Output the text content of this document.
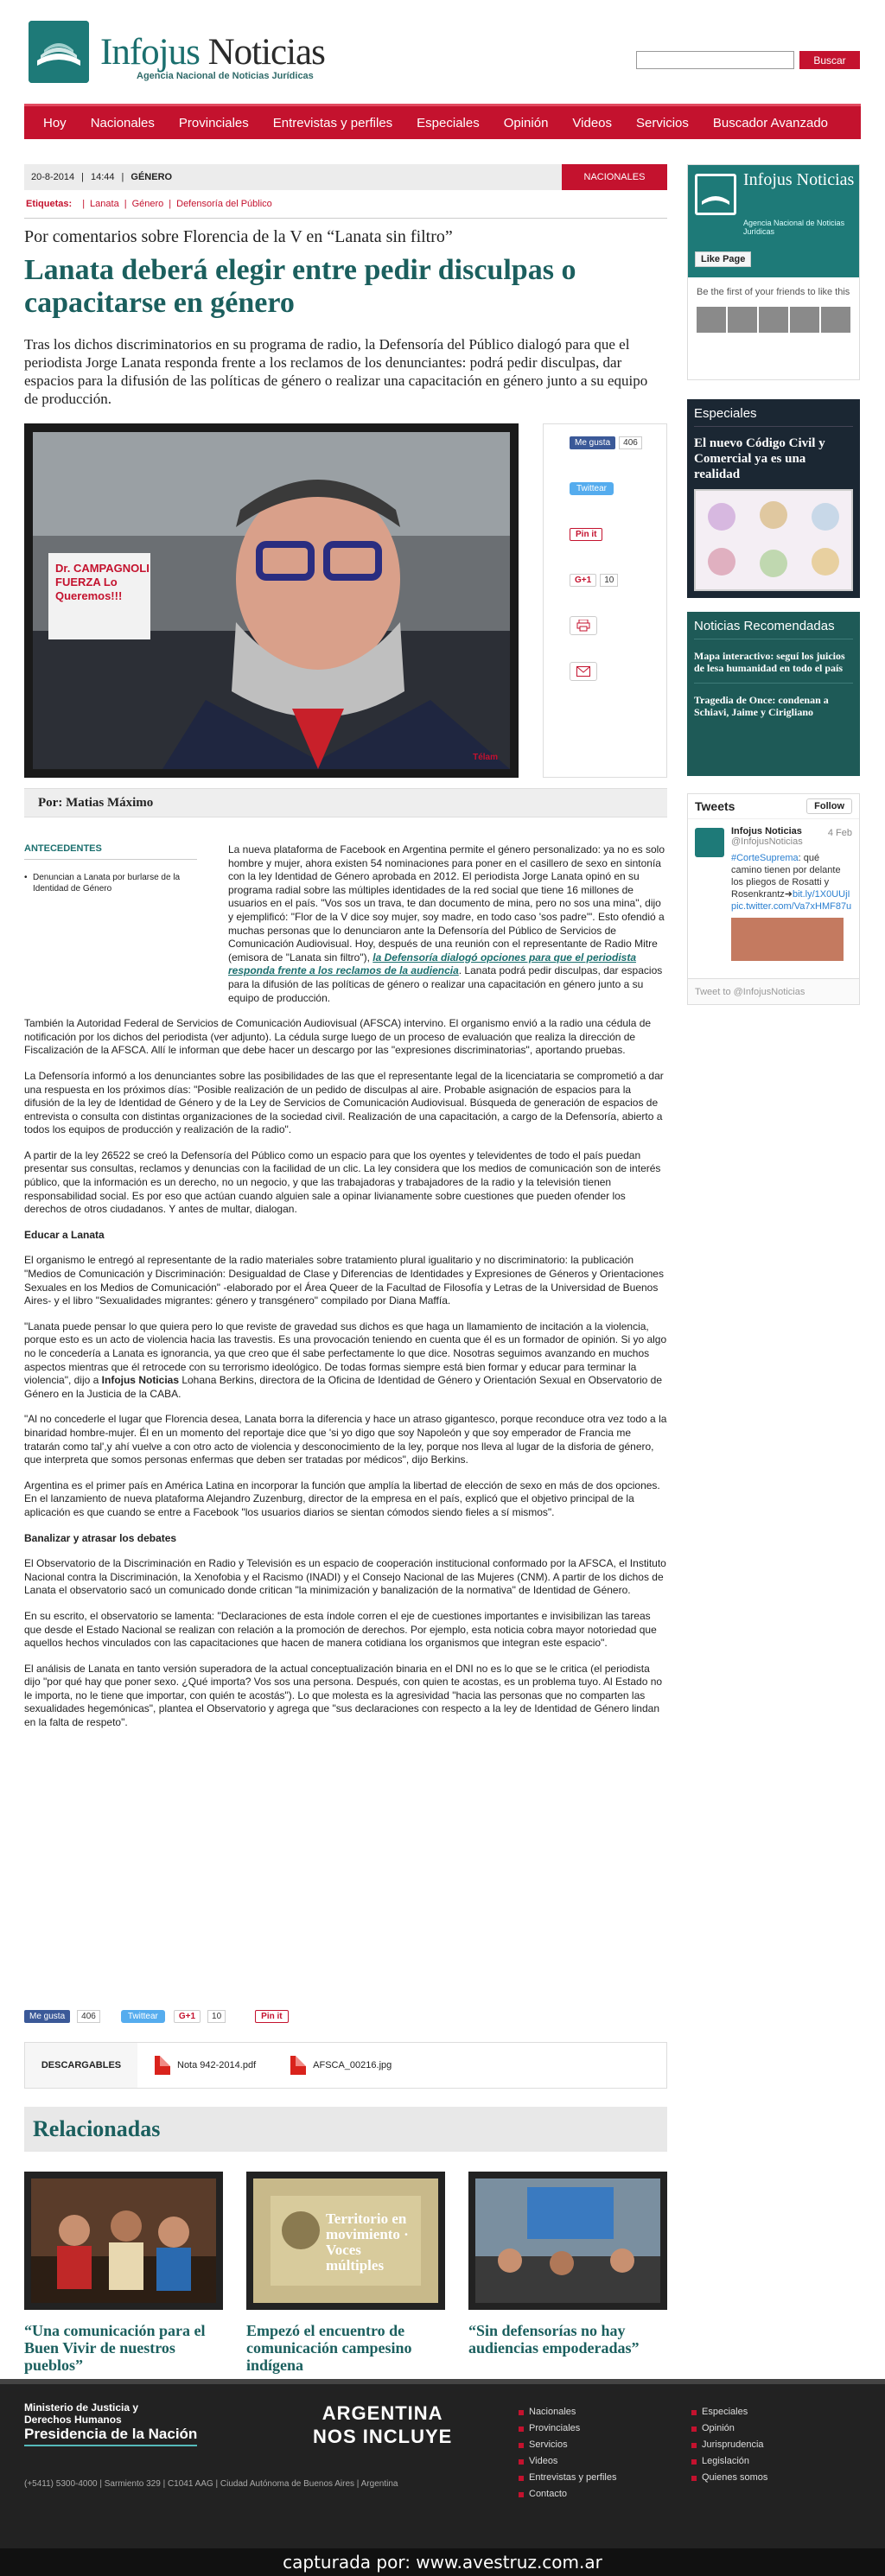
Infojus Noticias
Agencia Nacional de Noticias Jurídicas
Buscar
Hoy	Nacionales	Provinciales	Entrevistas y perfiles	Especiales	Opinión	Videos	Servicios	Buscador Avanzado
20-8-2014 | 14:44 | GÉNERO	NACIONALES
Etiquetas: | Lanata | Género | Defensoría del Público
Por comentarios sobre Florencia de la V en “Lanata sin filtro”
Lanata deberá elegir entre pedir disculpas o capacitarse en género

Tras los dichos discriminatorios en su programa de radio, la Defensoría del Público dialogó para que el periodista Jorge Lanata responda frente a los reclamos de los denunciantes: podrá pedir disculpas, dar espacios para la difusión de las políticas de género o realizar una capacitación en género junto a su equipo de producción.

Dr. CAMPAGNOLI FUERZA Lo Queremos!!!
Télam
Me gusta	406
Twittear
Pin it
G+1	10
Por: Matias Máximo
ANTECEDENTES
• Denuncian a Lanata por burlarse de la Identidad de Género

La nueva plataforma de Facebook en Argentina permite el género personalizado: ya no es solo hombre y mujer, ahora existen 54 nominaciones para poner en el casillero de sexo en sintonía con la ley Identidad de Género aprobada en 2012. El periodista Jorge Lanata opinó en su programa radial sobre las múltiples identidades de la red social que tiene 16 millones de usuarios en el país. "Vos sos un trava, te dan documento de mina, pero no sos una mina", dijo y ejemplificó: "Flor de la V dice soy mujer, soy madre, en todo caso 'sos padre'". Esto ofendió a muchas personas que lo denunciaron ante la Defensoría del Público de Servicios de Comunicación Audiovisual. Hoy, después de una reunión con el representante de Radio Mitre (emisora de "Lanata sin filtro"), la Defensoría dialogó opciones para que el periodista responda frente a los reclamos de la audiencia. Lanata podrá pedir disculpas, dar espacios para la difusión de las políticas de género o realizar una capacitación en género junto a su equipo de producción.

También la Autoridad Federal de Servicios de Comunicación Audiovisual (AFSCA) intervino. El organismo envió a la radio una cédula de notificación por los dichos del periodista (ver adjunto). La cédula surge luego de un proceso de evaluación que realiza la dirección de Fiscalización de la AFSCA. Allí le informan que debe hacer un descargo por las "expresiones discriminatorias", aportando pruebas.

La Defensoría informó a los denunciantes sobre las posibilidades de las que el representante legal de la licenciataria se comprometió a dar una respuesta en los próximos días: "Posible realización de un pedido de disculpas al aire. Probable asignación de espacios para la difusión de la ley de Identidad de Género y de la Ley de Servicios de Comunicación Audiovisual. Búsqueda de generación de espacios de entrevista o consulta con distintas organizaciones de la sociedad civil. Realización de una capacitación, a cargo de la Defensoría, abierto a todos los equipos de producción y realización de la radio".

A partir de la ley 26522 se creó la Defensoría del Público como un espacio para que los oyentes y televidentes de todo el país puedan presentar sus consultas, reclamos y denuncias con la facilidad de un clic. La ley considera que los medios de comunicación son de interés público, que la información es un derecho, no un negocio, y que las trabajadoras y trabajadores de la radio y la televisión tienen responsabilidad social. Es por eso que actúan cuando alguien sale a opinar livianamente sobre cuestiones que pueden ofender los derechos de otros ciudadanos. Y antes de multar, dialogan.

Educar a Lanata

El organismo le entregó al representante de la radio materiales sobre tratamiento plural igualitario y no discriminatorio: la publicación "Medios de Comunicación y Discriminación: Desigualdad de Clase y Diferencias de Identidades y Expresiones de Géneros y Orientaciones Sexuales en los Medios de Comunicación" -elaborado por el Área Queer de la Facultad de Filosofía y Letras de la Universidad de Buenos Aires- y el libro "Sexualidades migrantes: género y transgénero" compilado por Diana Maffía.

"Lanata puede pensar lo que quiera pero lo que reviste de gravedad sus dichos es que haga un llamamiento de incitación a la violencia, porque esto es un acto de violencia hacia las travestis. Es una provocación teniendo en cuenta que él es un formador de opinión. Si yo algo no le concedería a Lanata es ignorancia, ya que creo que él sabe perfectamente lo que dice. Nosotras seguimos avanzando en muchos aspectos mientras que él retrocede con su terrorismo ideológico. De todas formas siempre está bien formar y educar para terminar la violencia", dijo a Infojus Noticias Lohana Berkins, directora de la Oficina de Identidad de Género y Orientación Sexual en Observatorio de Género en la Justicia de la CABA.

"Al no concederle el lugar que Florencia desea, Lanata borra la diferencia y hace un atraso gigantesco, porque reconduce otra vez todo a la binaridad hombre-mujer. Él en un momento del reportaje dice que 'si yo digo que soy Napoleón y que soy emperador de Francia me tratarán como tal',y ahí vuelve a con otro acto de violencia y desconocimiento de la ley, porque nos lleva al lugar de la disforia de género, que interpreta que somos personas enfermas que deben ser tratadas por médicos", dijo Berkins.

Argentina es el primer país en América Latina en incorporar la función que amplía la libertad de elección de sexo en más de dos opciones. En el lanzamiento de nueva plataforma Alejandro Zuzenburg, director de la empresa en el país, explicó que el objetivo principal de la aplicación es que cuando se entre a Facebook "los usuarios diarios se sientan cómodos siendo fieles a sí mismos".

Banalizar y atrasar los debates

El Observatorio de la Discriminación en Radio y Televisión es un espacio de cooperación institucional conformado por la AFSCA, el Instituto Nacional contra la Discriminación, la Xenofobia y el Racismo (INADI) y el Consejo Nacional de las Mujeres (CNM). A partir de los dichos de Lanata el observatorio sacó un comunicado donde critican "la minimización y banalización de la normativa" de Identidad de Género.

En su escrito, el observatorio se lamenta: "Declaraciones de esta índole corren el eje de cuestiones importantes e invisibilizan las tareas que desde el Estado Nacional se realizan con relación a la promoción de derechos. Por ejemplo, esta noticia cobra mayor notoriedad que aquellos hechos vinculados con las capacitaciones que hacen de manera cotidiana los organismos que integran este espacio".

El análisis de Lanata en tanto versión superadora de la actual conceptualización binaria en el DNI no es lo que se le critica (el periodista dijo "por qué hay que poner sexo. ¿Qué importa? Vos sos una persona. Después, con quien te acostas, es un problema tuyo. Al Estado no le importa, no le tiene que importar, con quién te acostás"). Lo que molesta es la agresividad "hacia las personas que no comparten las sexualidades hegemónicas", plantea el Observatorio y agrega que "sus declaraciones con respecto a la ley de Identidad de Género lindan en la falta de respeto".

Me gusta	406	Twittear	G+1	10	Pin it
DESCARGABLES	Nota 942-2014.pdf	AFSCA_00216.jpg
Relacionadas
“Una comunicación para el Buen Vivir de nuestros pueblos”
Territorio en movimiento · Voces múltiples
Empezó el encuentro de comunicación campesino indígena
“Sin defensorías no hay audiencias empoderadas”
Infojus Noticias
Agencia Nacional de Noticias Jurídicas
Like Page
Be the first of your friends to like this
Especiales
El nuevo Código Civil y Comercial ya es una realidad
Noticias Recomendadas
Mapa interactivo: seguí los juicios de lesa humanidad en todo el país
Tragedia de Once: condenan a Schiavi, Jaime y Cirigliano
Tweets	Follow
Infojus Noticias
@InfojusNoticias
4 Feb
#CorteSuprema: qué camino tienen por delante los pliegos de Rosatti y Rosenkrantz➜bit.ly/1X0UUjI pic.twitter.com/Va7xHMF87u
Tweet to @InfojusNoticias
Ministerio de Justicia y Derechos Humanos
Presidencia de la Nación
ARGENTINA
NOS INCLUYE
(+5411) 5300-4000 | Sarmiento 329 | C1041 AAG | Ciudad Autónoma de Buenos Aires | Argentina
Nacionales
Provinciales
Servicios
Videos
Entrevistas y perfiles
Contacto
Especiales
Opinión
Jurisprudencia
Legislación
Quienes somos
capturada por: www.avestruz.com.ar
